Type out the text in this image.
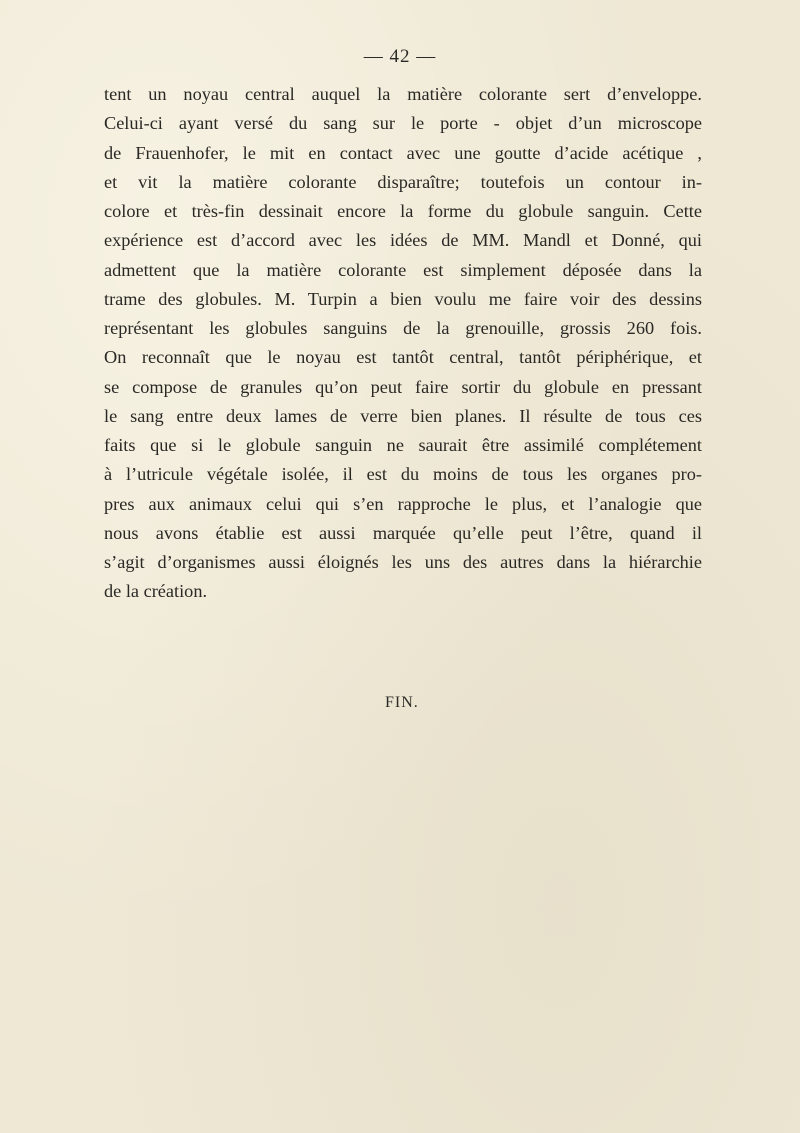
— 42 —
tent un noyau central auquel la matière colorante sert d’enveloppe.
Celui-ci ayant versé du sang sur le porte - objet d’un microscope
de Frauenhofer, le mit en contact avec une goutte d’acide acétique ,
et vit la matière colorante disparaître; toutefois un contour in-
colore et très-fin dessinait encore la forme du globule sanguin. Cette
expérience est d’accord avec les idées de MM. Mandl et Donné, qui
admettent que la matière colorante est simplement déposée dans la
trame des globules. M. Turpin a bien voulu me faire voir des dessins
représentant les globules sanguins de la grenouille, grossis 260 fois.
On reconnaît que le noyau est tantôt central, tantôt périphérique, et
se compose de granules qu’on peut faire sortir du globule en pressant
le sang entre deux lames de verre bien planes. Il résulte de tous ces
faits que si le globule sanguin ne saurait être assimilé complétement
à l’utricule végétale isolée, il est du moins de tous les organes pro-
pres aux animaux celui qui s’en rapproche le plus, et l’analogie que
nous avons établie est aussi marquée qu’elle peut l’être, quand il
s’agit d’organismes aussi éloignés les uns des autres dans la hiérarchie
de la création.
FIN.
